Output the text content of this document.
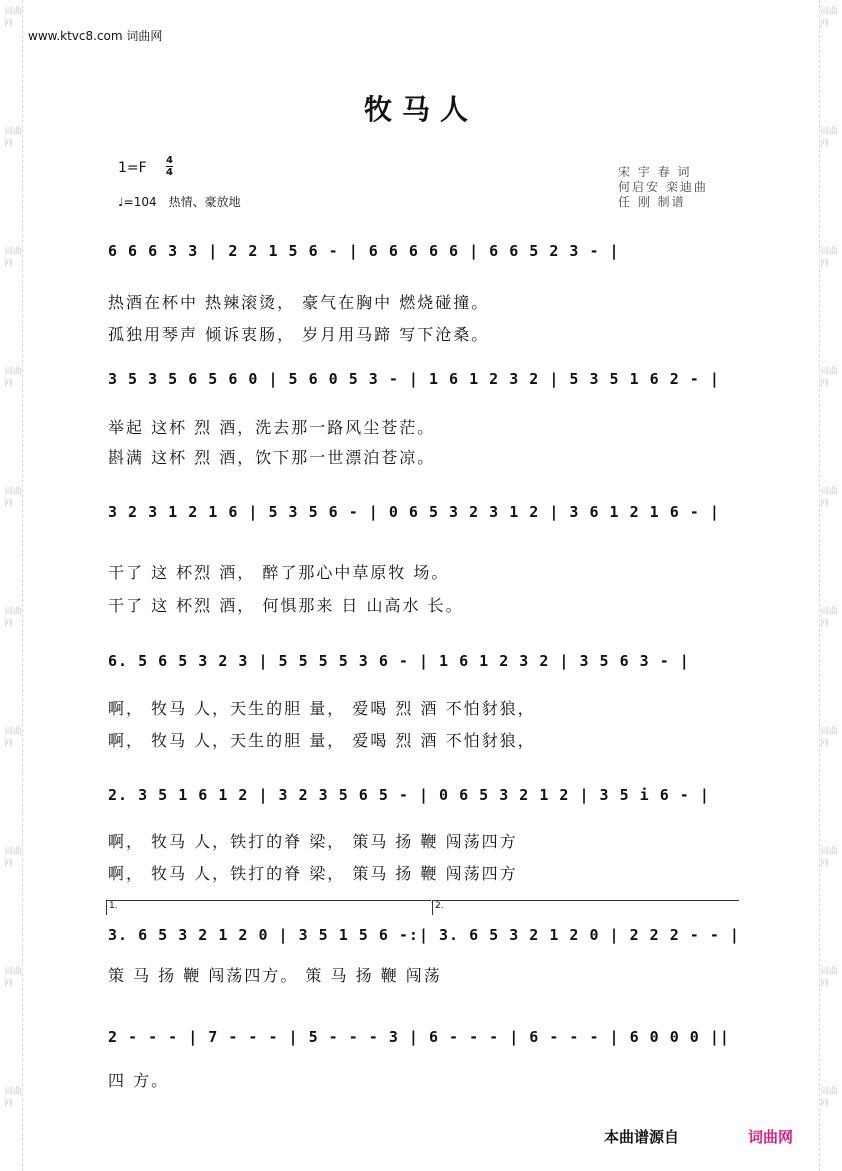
词曲网
词曲网
词曲网
词曲网
词曲网
词曲网
词曲网
词曲网
词曲网
词曲网
词曲网
词曲网
词曲网
词曲网
词曲网
词曲网
词曲网
词曲网
词曲网
词曲网
www.ktvc8.com 词曲网
牧马人
1=F 4
4
♩=104　热情、豪放地
宋 宇 春 词
何启安 栾迪曲
任 刚 制谱
6 6 6 3 3 | 2 2 1 5 6 - | 6 6 6 6 6 | 6 6 5 2 3 - |
热酒在杯中 热辣滚烫， 豪气在胸中 燃烧碰撞。
孤独用琴声 倾诉衷肠， 岁月用马蹄 写下沧桑。
3 5 3 5 6 5 6 0 | 5 6 0 5 3 - | 1 6 1 2 3 2 | 5 3 5 1 6 2 - |
举起 这杯 烈 酒，洗去那一路风尘苍茫。
斟满 这杯 烈 酒，饮下那一世漂泊苍凉。
3 2 3 1 2 1 6 | 5 3 5 6 - | 0 6 5 3 2 3 1 2 | 3 6 1 2 1 6 - |
干了 这 杯烈 酒， 醉了那心中草原牧 场。
干了 这 杯烈 酒， 何惧那来 日 山高水 长。
6. 5 6 5 3 2 3 | 5 5 5 5 3 6 - | 1 6 1 2 3 2 | 3 5 6 3 - |
啊， 牧马 人，天生的胆 量， 爱喝 烈 酒 不怕豺狼，
啊， 牧马 人，天生的胆 量， 爱喝 烈 酒 不怕豺狼，
2. 3 5 1 6 1 2 | 3 2 3 5 6 5 - | 0 6 5 3 2 1 2 | 3 5 i 6 - |
啊， 牧马 人，铁打的脊 梁， 策马 扬 鞭 闯荡四方
啊， 牧马 人，铁打的脊 梁， 策马 扬 鞭 闯荡四方
1.	2.
3. 6 5 3 2 1 2 0 | 3 5 1 5 6 -:| 3. 6 5 3 2 1 2 0 | 2 2 2 - - |
策 马 扬 鞭 闯荡四方。 策 马 扬 鞭 闯荡
2 - - - | 7 - - - | 5 - - - 3 | 6 - - - | 6 - - - | 6 0 0 0 ||
四 方。
本曲谱源自	词曲网
